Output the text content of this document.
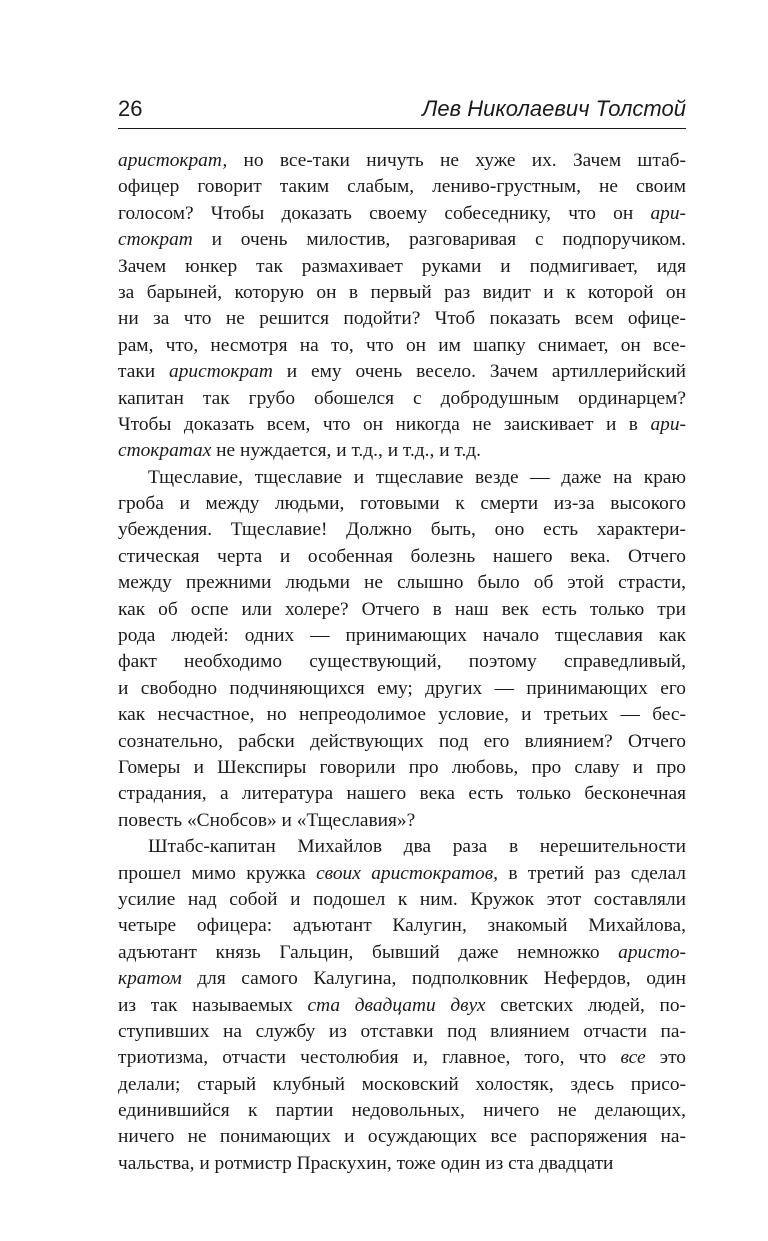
26	Лев Николаевич Толстой
аристократ, но все-таки ничуть не хуже их. Зачем штаб-
офицер говорит таким слабым, лениво-грустным, не своим
голосом? Чтобы доказать своему собеседнику, что он ари-
стократ и очень милостив, разговаривая с подпоручиком.
Зачем юнкер так размахивает руками и подмигивает, идя
за барыней, которую он в первый раз видит и к которой он
ни за что не решится подойти? Чтоб показать всем офице-
рам, что, несмотря на то, что он им шапку снимает, он все-
таки аристократ и ему очень весело. Зачем артиллерийский
капитан так грубо обошелся с добродушным ординарцем?
Чтобы доказать всем, что он никогда не заискивает и в ари-
стократах не нуждается, и т.д., и т.д., и т.д.
Тщеславие, тщеславие и тщеславие везде — даже на краю
гроба и между людьми, готовыми к смерти из-за высокого
убеждения. Тщеславие! Должно быть, оно есть характери-
стическая черта и особенная болезнь нашего века. Отчего
между прежними людьми не слышно было об этой страсти,
как об оспе или холере? Отчего в наш век есть только три
рода людей: одних — принимающих начало тщеславия как
факт необходимо существующий, поэтому справедливый,
и свободно подчиняющихся ему; других — принимающих его
как несчастное, но непреодолимое условие, и третьих — бес-
сознательно, рабски действующих под его влиянием? Отчего
Гомеры и Шекспиры говорили про любовь, про славу и про
страдания, а литература нашего века есть только бесконечная
повесть «Снобсов» и «Тщеславия»?
Штабс-капитан Михайлов два раза в нерешительности
прошел мимо кружка своих аристократов, в третий раз сделал
усилие над собой и подошел к ним. Кружок этот составляли
четыре офицера: адъютант Калугин, знакомый Михайлова,
адъютант князь Гальцин, бывший даже немножко аристо-
кратом для самого Калугина, подполковник Нефердов, один
из так называемых ста двадцати двух светских людей, по-
ступивших на службу из отставки под влиянием отчасти па-
триотизма, отчасти честолюбия и, главное, того, что все это
делали; старый клубный московский холостяк, здесь присо-
единившийся к партии недовольных, ничего не делающих,
ничего не понимающих и осуждающих все распоряжения на-
чальства, и ротмистр Праскухин, тоже один из ста двадцати
